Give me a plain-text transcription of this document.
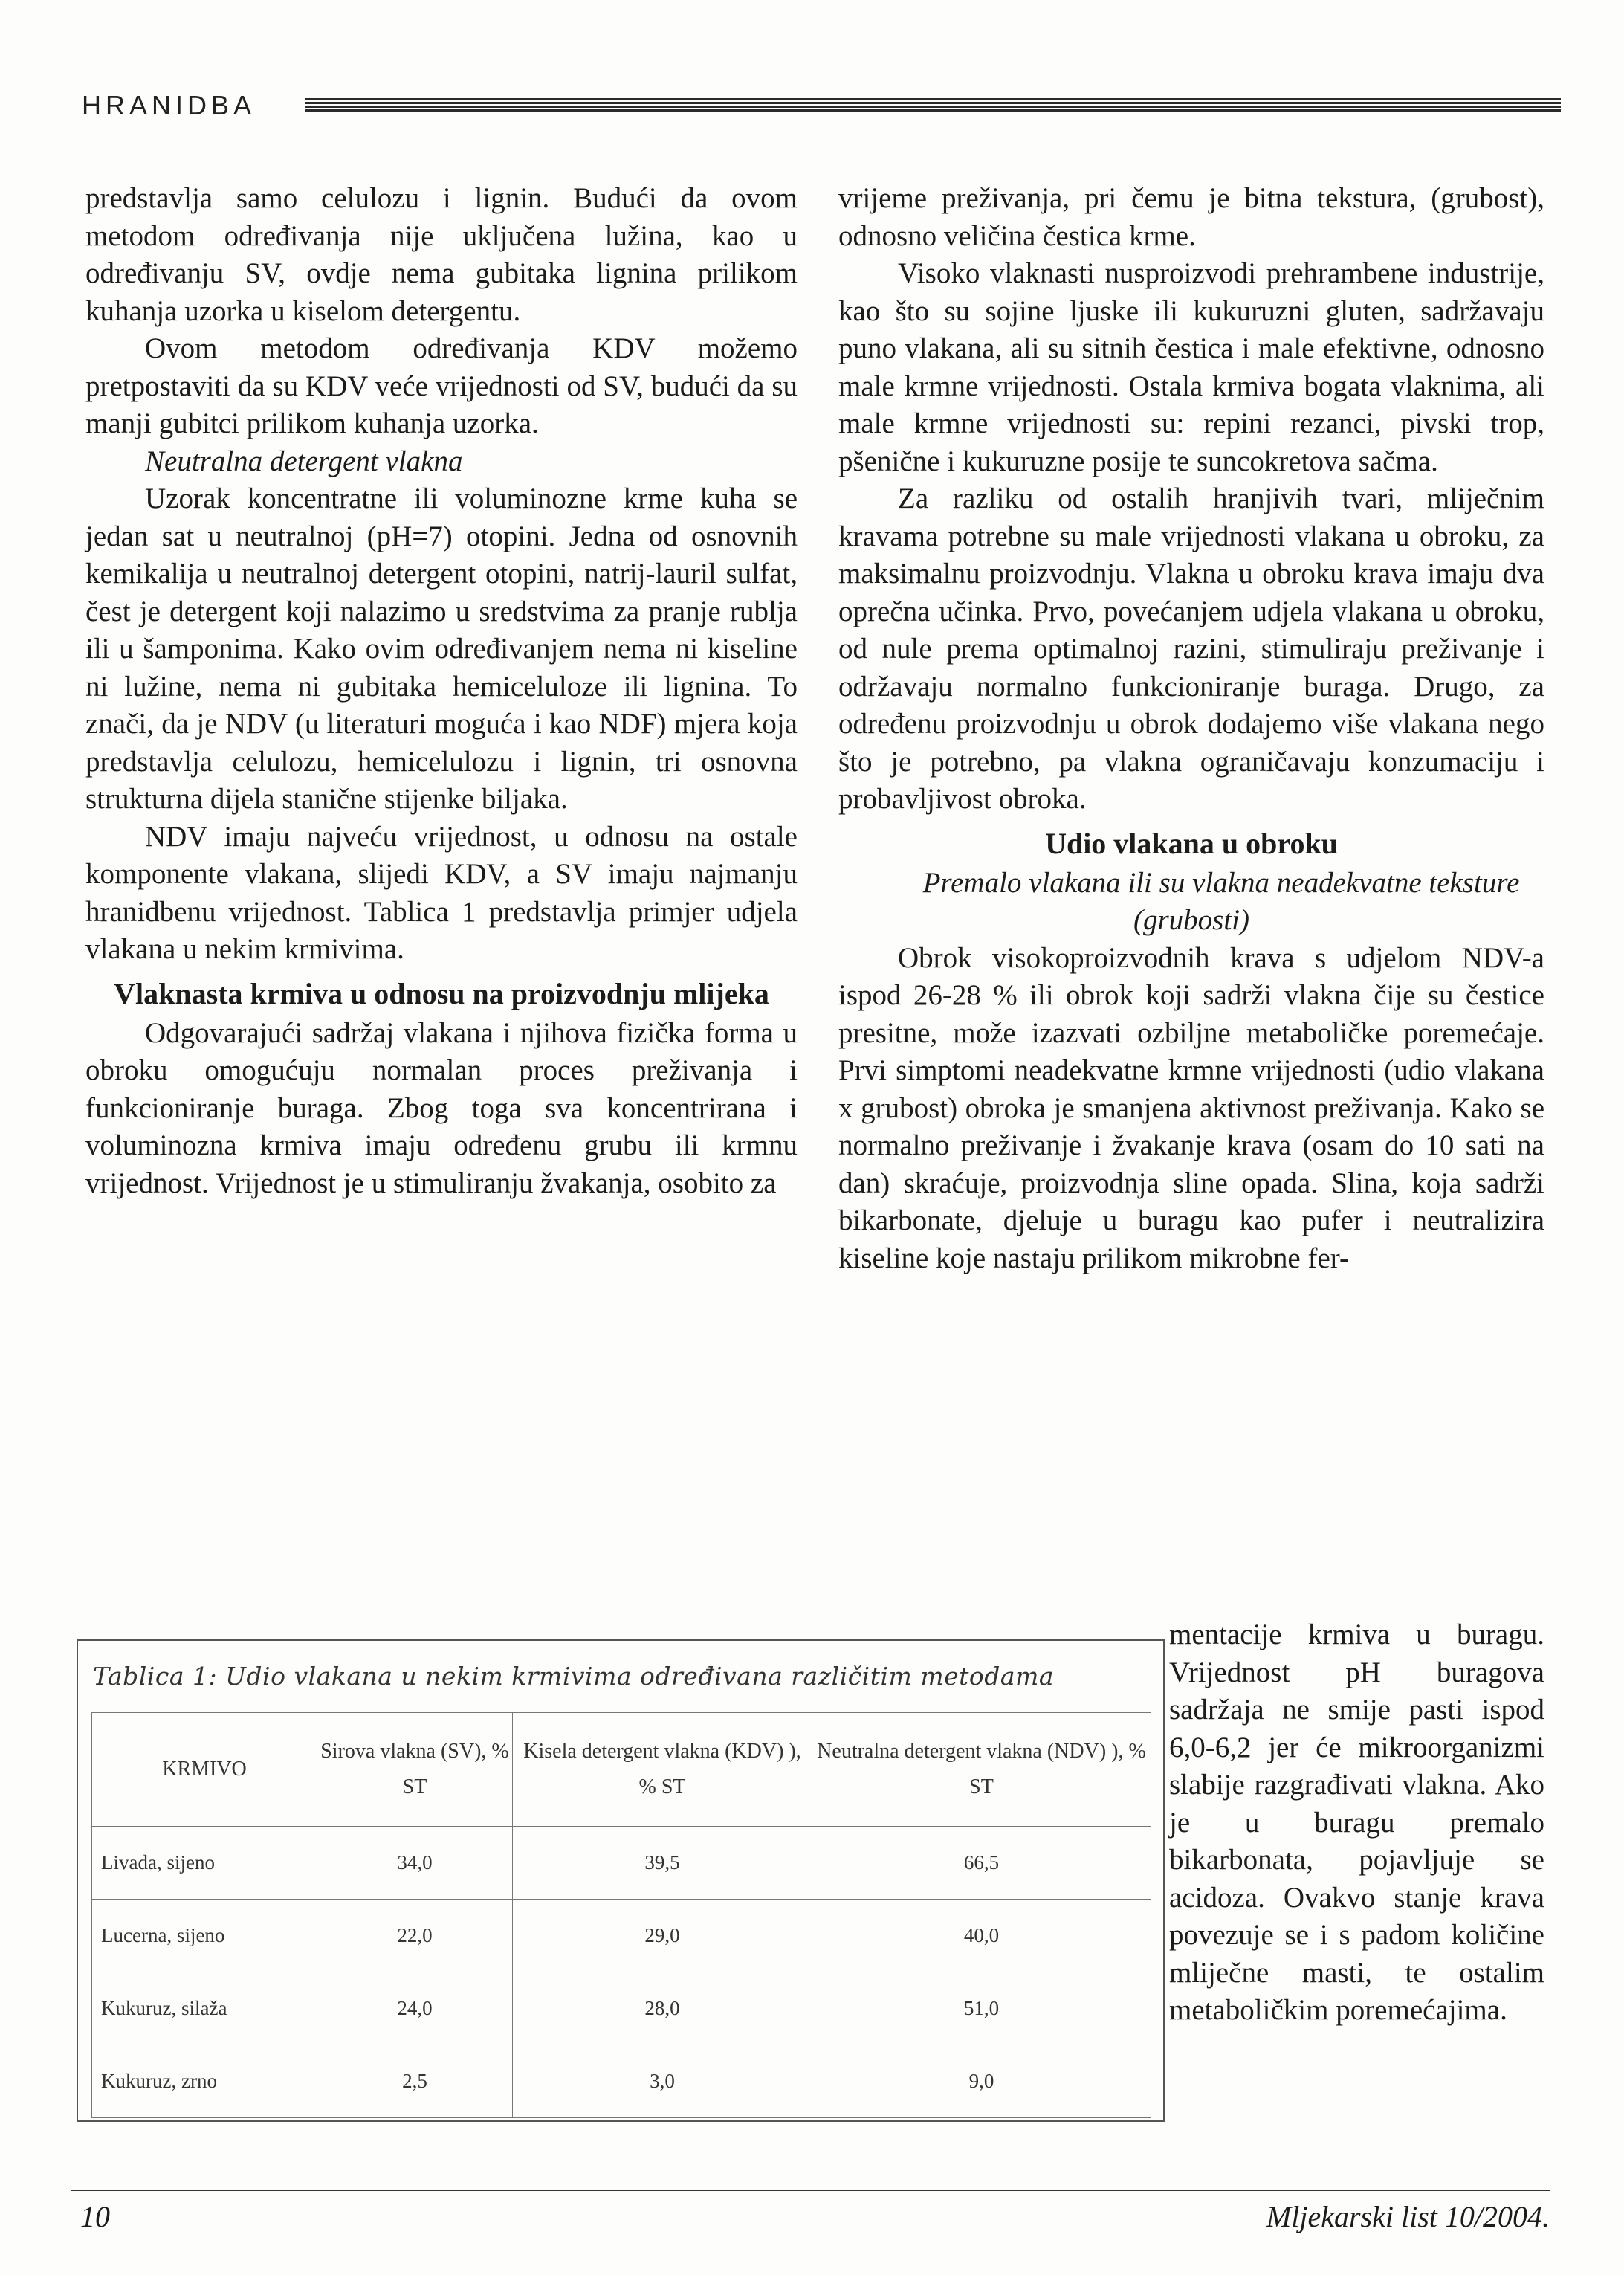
HRANIDBA

predstavlja samo celulozu i lignin. Budući da ovom metodom određivanja nije uključena lužina, kao u određivanju SV, ovdje nema gubitaka lignina prilikom kuhanja uzorka u kiselom detergentu.

Ovom metodom određivanja KDV možemo pretpostaviti da su KDV veće vrijednosti od SV, budući da su manji gubitci prilikom kuhanja uzorka.

Neutralna detergent vlakna

Uzorak koncentratne ili voluminozne krme kuha se jedan sat u neutralnoj (pH=7) otopini. Jedna od osnovnih kemikalija u neutralnoj detergent otopini, natrij-lauril sulfat, čest je detergent koji nalazimo u sredstvima za pranje rublja ili u šamponima. Kako ovim određivanjem nema ni kiseline ni lužine, nema ni gubitaka hemiceluloze ili lignina. To znači, da je NDV (u literaturi moguća i kao NDF) mjera koja predstavlja celulozu, hemicelulozu i lignin, tri osnovna strukturna dijela stanične stijenke biljaka.

NDV imaju najveću vrijednost, u odnosu na ostale komponente vlakana, slijedi KDV, a SV imaju najmanju hranidbenu vrijednost. Tablica 1 predstavlja primjer udjela vlakana u nekim krmivima.

Vlaknasta krmiva u odnosu na proizvodnju mlijeka

Odgovarajući sadržaj vlakana i njihova fizička forma u obroku omogućuju normalan proces preživanja i funkcioniranje buraga. Zbog toga sva koncentrirana i voluminozna krmiva imaju određenu grubu ili krmnu vrijednost. Vrijednost je u stimuliranju žvakanja, osobito za

vrijeme preživanja, pri čemu je bitna tekstura, (grubost), odnosno veličina čestica krme.

Visoko vlaknasti nusproizvodi prehrambene industrije, kao što su sojine ljuske ili kukuruzni gluten, sadržavaju puno vlakana, ali su sitnih čestica i male efektivne, odnosno male krmne vrijednosti. Ostala krmiva bogata vlaknima, ali male krmne vrijednosti su: repini rezanci, pivski trop, pšenične i kukuruzne posije te suncokretova sačma.

Za razliku od ostalih hranjivih tvari, mliječnim kravama potrebne su male vrijednosti vlakana u obroku, za maksimalnu proizvodnju. Vlakna u obroku krava imaju dva oprečna učinka. Prvo, povećanjem udjela vlakana u obroku, od nule prema optimalnoj razini, stimuliraju preživanje i održavaju normalno funkcioniranje buraga. Drugo, za određenu proizvodnju u obrok dodajemo više vlakana nego što je potrebno, pa vlakna ograničavaju konzumaciju i probavljivost obroka.

Udio vlakana u obroku

Premalo vlakana ili su vlakna neadekvatne teksture (grubosti)

Obrok visokoproizvodnih krava s udjelom NDV-a ispod 26-28 % ili obrok koji sadrži vlakna čije su čestice presitne, može izazvati ozbiljne metaboličke poremećaje. Prvi simptomi neadekvatne krmne vrijednosti (udio vlakana x grubost) obroka je smanjena aktivnost preživanja. Kako se normalno preživanje i žvakanje krava (osam do 10 sati na dan) skraćuje, proizvodnja sline opada. Slina, koja sadrži bikarbonate, djeluje u buragu kao pufer i neutralizira kiseline koje nastaju prilikom mikrobne fer-

mentacije krmiva u buragu. Vrijednost pH buragova sadržaja ne smije pasti ispod 6,0-6,2 jer će mikroorganizmi slabije razgrađivati vlakna. Ako je u buragu premalo bikarbonata, pojavljuje se acidoza. Ovakvo stanje krava povezuje se i s padom količine mliječne masti, te ostalim metaboličkim poremećajima.

Tablica 1: Udio vlakana u nekim krmivima određivana različitim metodama
KRMIVO	Sirova vlakna (SV), % ST	Kisela detergent vlakna (KDV) ), % ST	Neutralna detergent vlakna (NDV) ), % ST
Livada, sijeno	34,0	39,5	66,5
Lucerna, sijeno	22,0	29,0	40,0
Kukuruz, silaža	24,0	28,0	51,0
Kukuruz, zrno	2,5	3,0	9,0
10	Mljekarski list 10/2004.
